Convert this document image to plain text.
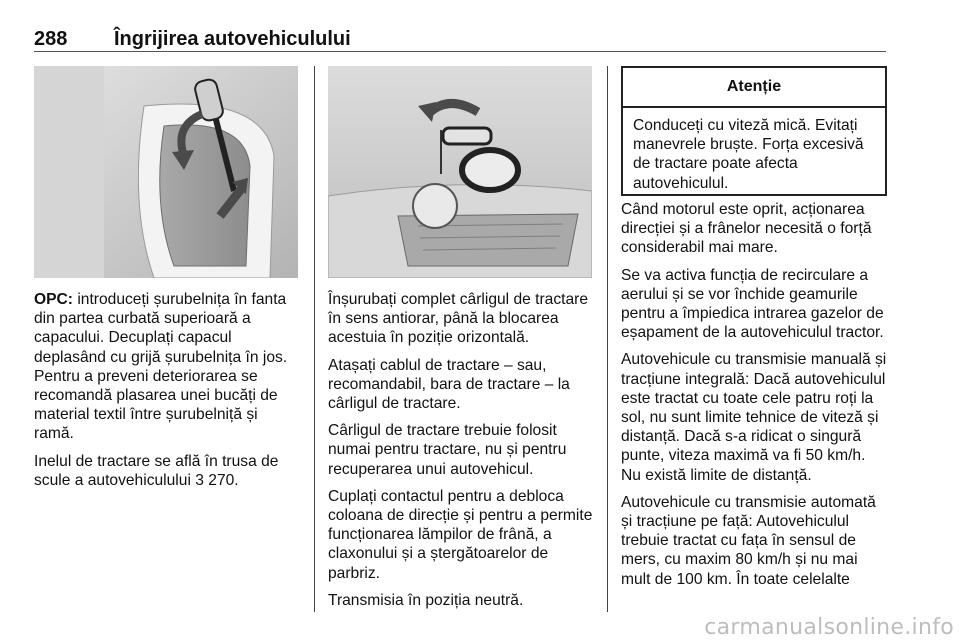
288 Îngrijirea autovehiculului
Atenție
Conduceți cu viteză mică. Evitați manevrele bruște. Forța excesivă de tractare poate afecta autovehiculul.

OPC: introduceți șurubelnița în fanta din partea curbată superioară a capacului. Decuplați capacul deplasând cu grijă șurubelnița în jos. Pentru a preveni deteriorarea se recomandă plasarea unei bucăți de material textil între șurubelniță și ramă.

Inelul de tractare se află în trusa de scule a autovehiculului 3 270.

Înșurubați complet cârligul de tractare în sens antiorar, până la blocarea acestuia în poziție orizontală.

Atașați cablul de tractare – sau, recomandabil, bara de tractare – la cârligul de tractare.

Cârligul de tractare trebuie folosit numai pentru tractare, nu și pentru recuperarea unui autovehicul.

Cuplați contactul pentru a debloca coloana de direcție și pentru a permite funcționarea lămpilor de frână, a claxonului și a ștergătoarelor de parbriz.

Transmisia în poziția neutră.

Când motorul este oprit, acționarea direcției și a frânelor necesită o forță considerabil mai mare.

Se va activa funcția de recirculare a aerului și se vor închide geamurile pentru a împiedica intrarea gazelor de eșapament de la autovehiculul tractor.

Autovehicule cu transmisie manuală și tracțiune integrală: Dacă autovehiculul este tractat cu toate cele patru roți la sol, nu sunt limite tehnice de viteză și distanță. Dacă s-a ridicat o singură punte, viteza maximă va fi 50 km/h. Nu există limite de distanță.

Autovehicule cu transmisie automată și tracțiune pe față: Autovehiculul trebuie tractat cu fața în sensul de mers, cu maxim 80 km/h și nu mai mult de 100 km. În toate celelalte

carmanualsonline.info
